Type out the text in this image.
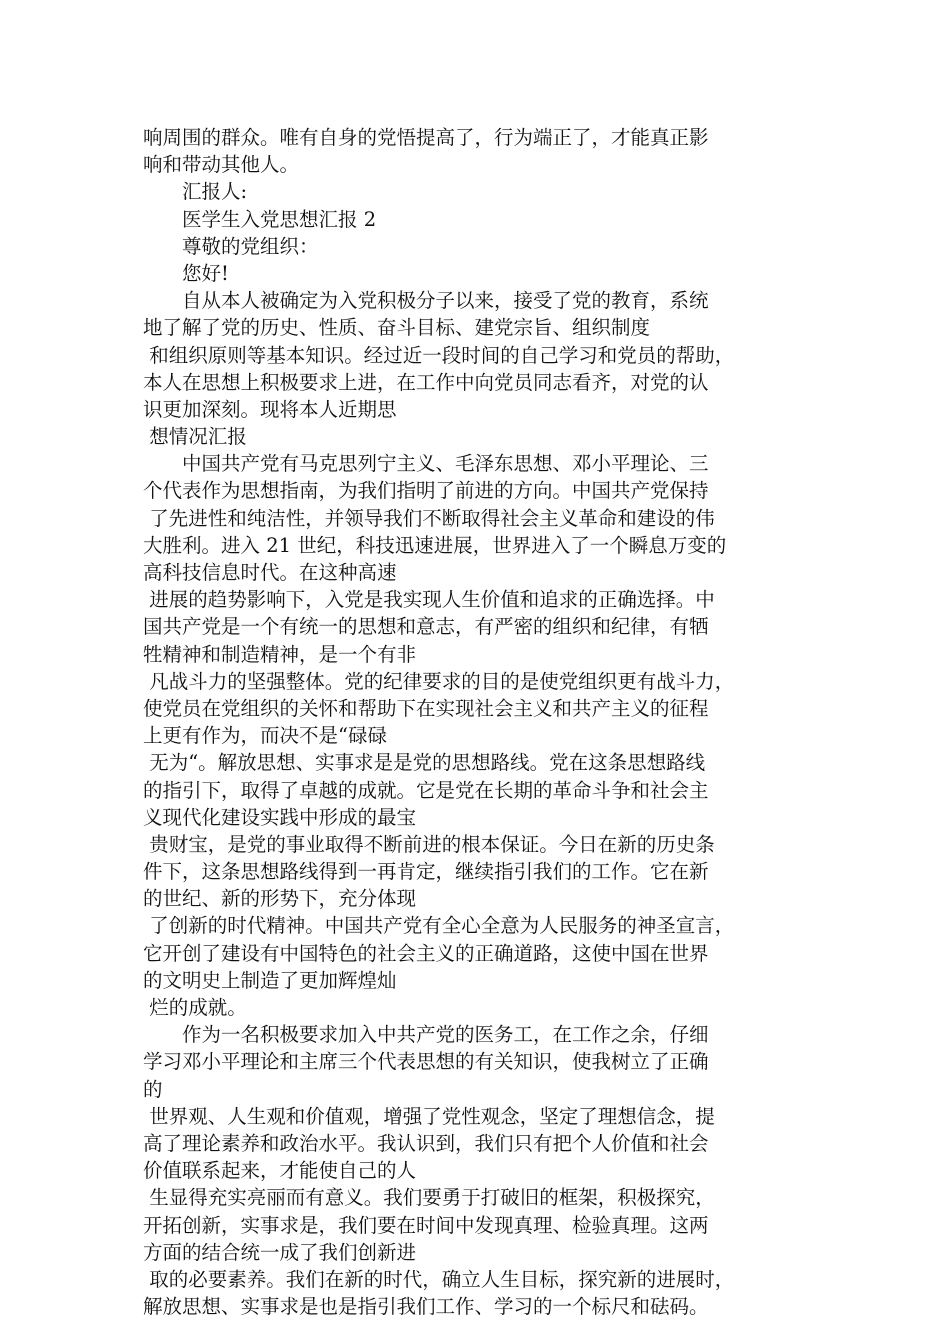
响周围的群众。唯有自身的党悟提高了，行为端正了，才能真正影
响和带动其他人。
　　汇报人:
　　医学生入党思想汇报 2
　　尊敬的党组织：
　　您好!
　　自从本人被确定为入党积极分子以来，接受了党的教育，系统
地了解了党的历史、性质、奋斗目标、建党宗旨、组织制度
和组织原则等基本知识。经过近一段时间的自己学习和党员的帮助，
本人在思想上积极要求上进，在工作中向党员同志看齐，对党的认
识更加深刻。现将本人近期思
想情况汇报
　　中国共产党有马克思列宁主义、毛泽东思想、邓小平理论、三
个代表作为思想指南，为我们指明了前进的方向。中国共产党保持
了先进性和纯洁性，并领导我们不断取得社会主义革命和建设的伟
大胜利。进入 21 世纪，科技迅速进展，世界进入了一个瞬息万变的
高科技信息时代。在这种高速
进展的趋势影响下，入党是我实现人生价值和追求的正确选择。中
国共产党是一个有统一的思想和意志，有严密的组织和纪律，有牺
牲精神和制造精神，是一个有非
凡战斗力的坚强整体。党的纪律要求的目的是使党组织更有战斗力，
使党员在党组织的关怀和帮助下在实现社会主义和共产主义的征程
上更有作为，而决不是“碌碌
无为“。解放思想、实事求是是党的思想路线。党在这条思想路线
的指引下，取得了卓越的成就。它是党在长期的革命斗争和社会主
义现代化建设实践中形成的最宝
贵财宝，是党的事业取得不断前进的根本保证。今日在新的历史条
件下，这条思想路线得到一再肯定，继续指引我们的工作。它在新
的世纪、新的形势下，充分体现
了创新的时代精神。中国共产党有全心全意为人民服务的神圣宣言，
它开创了建设有中国特色的社会主义的正确道路，这使中国在世界
的文明史上制造了更加辉煌灿
烂的成就。
　　作为一名积极要求加入中共产党的医务工，在工作之余，仔细
学习邓小平理论和主席三个代表思想的有关知识，使我树立了正确
的
世界观、人生观和价值观，增强了党性观念，坚定了理想信念，提
高了理论素养和政治水平。我认识到，我们只有把个人价值和社会
价值联系起来，才能使自己的人
生显得充实亮丽而有意义。我们要勇于打破旧的框架，积极探究，
开拓创新，实事求是，我们要在时间中发现真理、检验真理。这两
方面的结合统一成了我们创新进
取的必要素养。我们在新的时代，确立人生目标，探究新的进展时，
解放思想、实事求是也是指引我们工作、学习的一个标尺和砝码。
